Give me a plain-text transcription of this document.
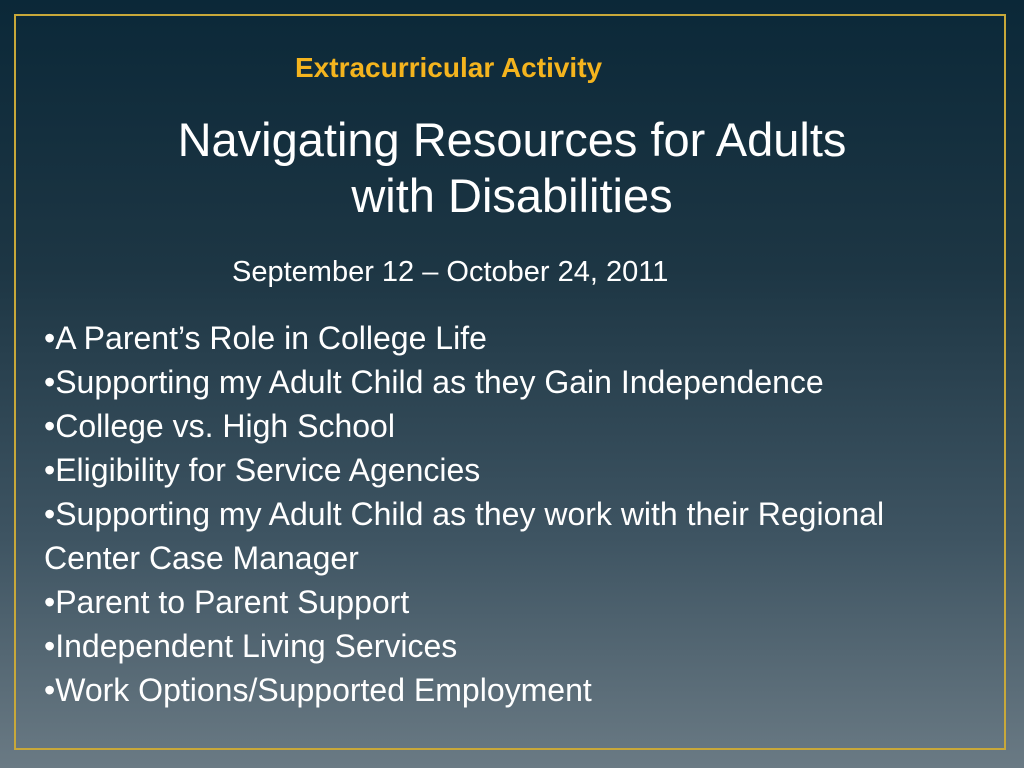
Extracurricular Activity
Navigating Resources for Adults
with Disabilities
September 12 – October 24, 2011
• A Parent’s Role in College Life
• Supporting my Adult Child as they Gain Independence
• College vs. High School
• Eligibility for Service Agencies
• Supporting my Adult Child as they work with their Regional Center Case Manager
• Parent to Parent Support
• Independent Living Services
• Work Options/Supported Employment
